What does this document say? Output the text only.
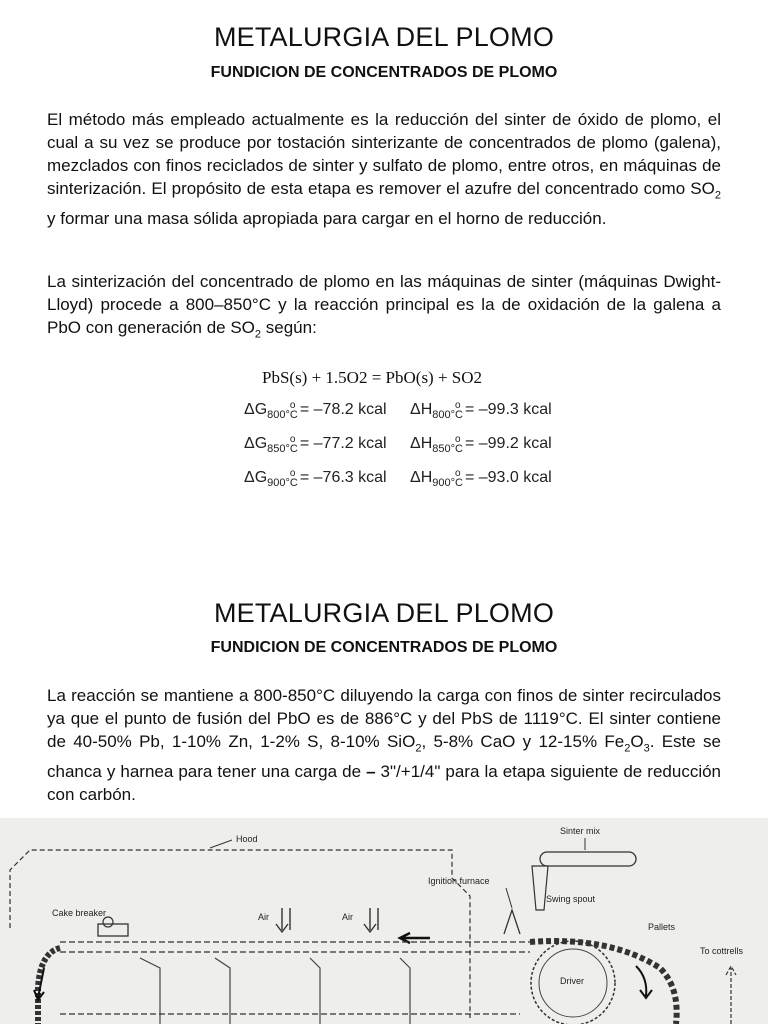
METALURGIA DEL PLOMO
FUNDICION DE CONCENTRADOS DE PLOMO

El método más empleado actualmente es la reducción del sinter de óxido de plomo, el cual a su vez se produce por tostación sinterizante de concentrados de plomo (galena), mezclados con finos reciclados de sinter y sulfato de plomo, entre otros, en máquinas de sinterización. El propósito de esta etapa es remover el azufre del concentrado como $SO_2$ y formar una masa sólida apropiada para cargar en el horno de reducción.

La sinterización del concentrado de plomo en las máquinas de sinter (máquinas Dwight-Lloyd) procede a 800–850°C y la reacción principal es la de oxidación de la galena a PbO con generación de $SO_2$ según:

PbS(s) + 1.5O2 = PbO(s) + SO2
$\Delta G_{800^\circ C}^o = -78.2$ kcal $\Delta H_{800^\circ C}^o = -99.3$ kcal
$\Delta G_{850^\circ C}^o = -77.2$ kcal $\Delta H_{850^\circ C}^o = -99.2$ kcal
$\Delta G_{900^\circ C}^o = -76.3$ kcal $\Delta H_{900^\circ C}^o = -93.0$ kcal
METALURGIA DEL PLOMO
FUNDICION DE CONCENTRADOS DE PLOMO

La reacción se mantiene a 800-850°C diluyendo la carga con finos de sinter recirculados ya que el punto de fusión del PbO es de 886°C y del PbS de 1119°C. El sinter contiene de 40-50% Pb, 1-10% Zn, 1-2% S, 8-10% SiO$_2$, 5-8% CaO y 12-15% $Fe_2O_3$. Este se chanca y harnea para tener una carga de – 3"/+1/4" para la etapa siguiente de reducción con carbón.

Hood
Sinter mix
Swing spout
Ignition furnace
Cake breaker	Air	Air
Pallets
Driver
To cottrells
